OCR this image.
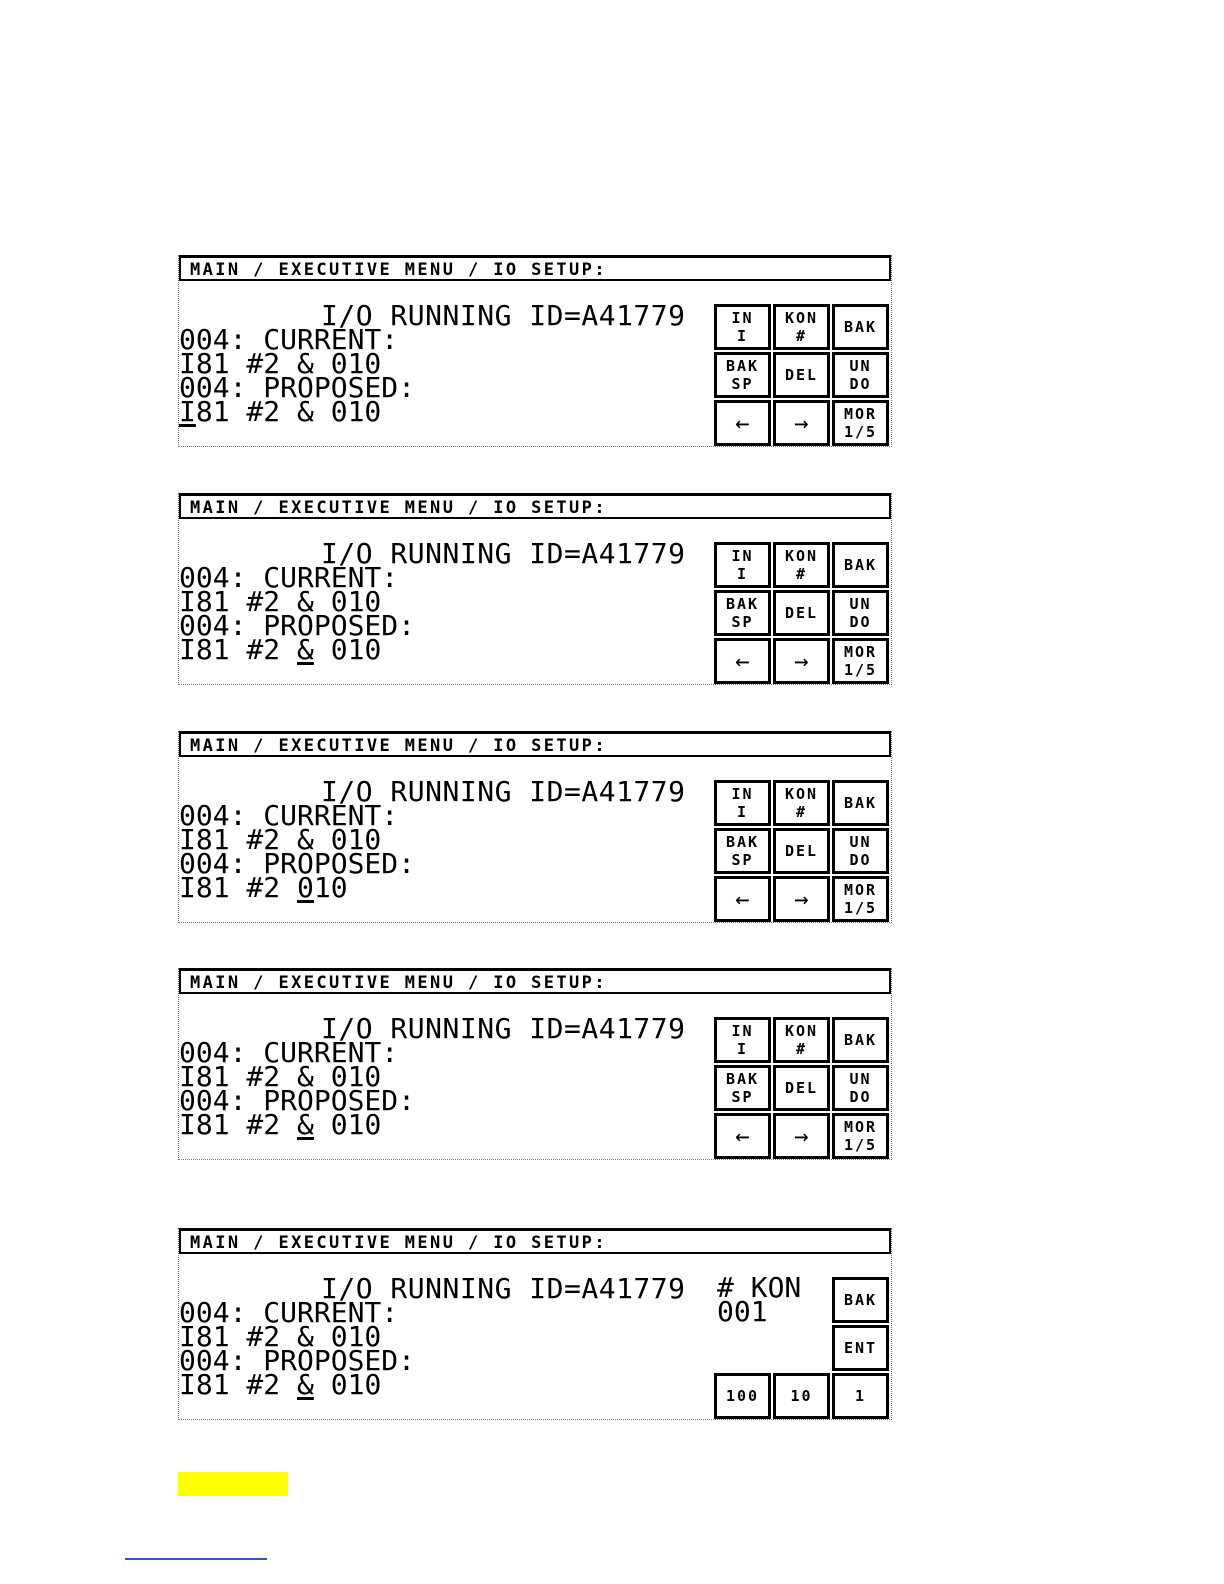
MAIN / EXECUTIVE MENU / IO SETUP:
I/O RUNNING ID=A41779
004: CURRENT:
I81 #2 & 010
004: PROPOSED:
I81 #2 & 010
IN
I
KON
# BAK
BAK
SP DEL UN
DO
← → MOR
1/5
MAIN / EXECUTIVE MENU / IO SETUP:
I/O RUNNING ID=A41779
004: CURRENT:
I81 #2 & 010
004: PROPOSED:
I81 #2 & 010
IN
I
KON
# BAK
BAK
SP DEL UN
DO
← → MOR
1/5
MAIN / EXECUTIVE MENU / IO SETUP:
I/O RUNNING ID=A41779
004: CURRENT:
I81 #2 & 010
004: PROPOSED:
I81 #2 010
IN
I
KON
# BAK
BAK
SP DEL UN
DO
← → MOR
1/5
MAIN / EXECUTIVE MENU / IO SETUP:
I/O RUNNING ID=A41779
004: CURRENT:
I81 #2 & 010
004: PROPOSED:
I81 #2 & 010
IN
I
KON
# BAK
BAK
SP DEL UN
DO
← → MOR
1/5
MAIN / EXECUTIVE MENU / IO SETUP:
I/O RUNNING ID=A41779
004: CURRENT:
I81 #2 & 010
004: PROPOSED:
I81 #2 & 010
# KON
001	BAK
ENT
100 10	1
